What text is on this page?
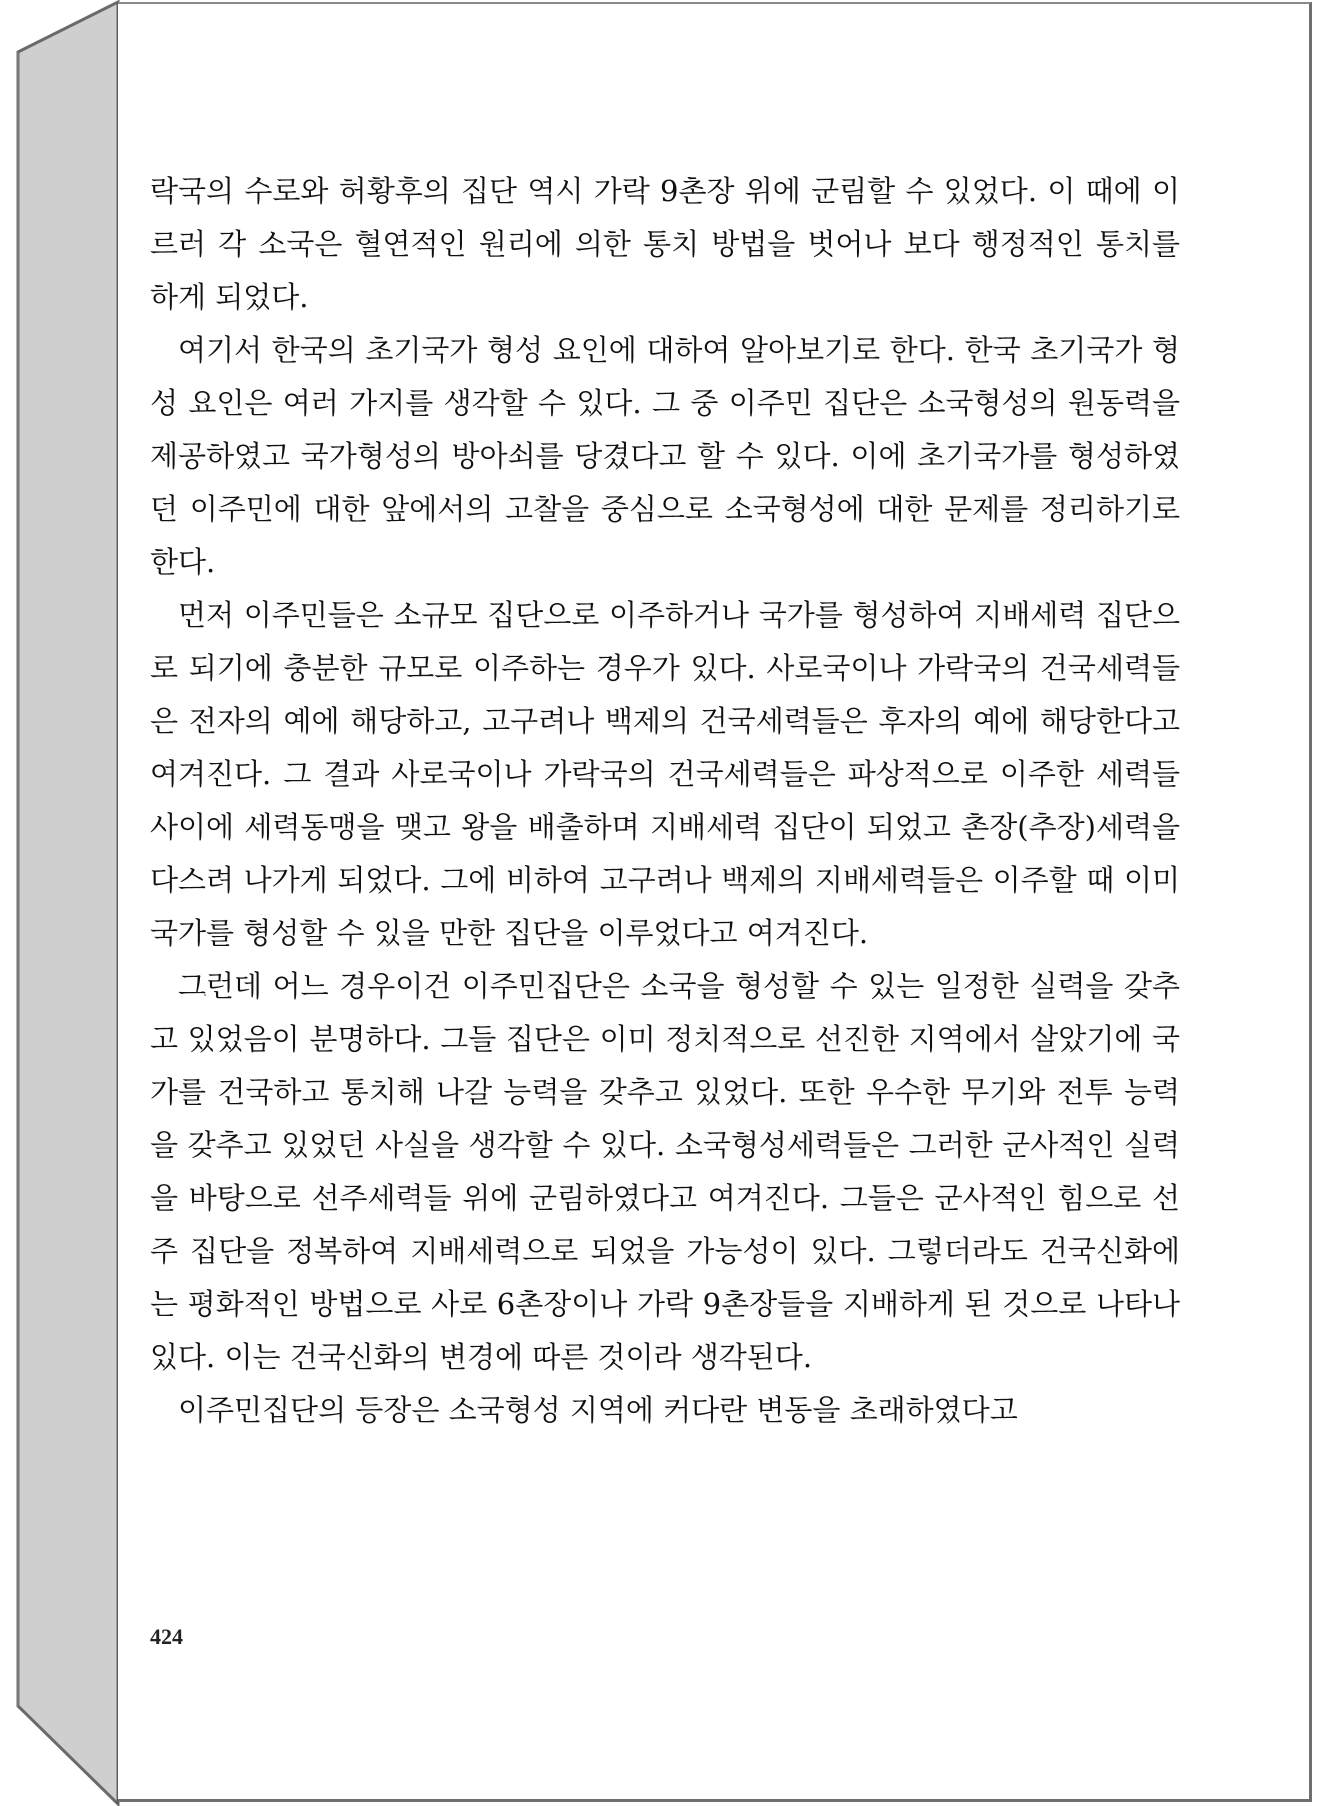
락국의 수로와 허황후의 집단 역시 가락 9촌장 위에 군림할 수 있었다. 이 때에 이르러 각 소국은 혈연적인 원리에 의한 통치 방법을 벗어나 보다 행정적인 통치를 하게 되었다.

여기서 한국의 초기국가 형성 요인에 대하여 알아보기로 한다. 한국 초기국가 형성 요인은 여러 가지를 생각할 수 있다. 그 중 이주민 집단은 소국형성의 원동력을 제공하였고 국가형성의 방아쇠를 당겼다고 할 수 있다. 이에 초기국가를 형성하였던 이주민에 대한 앞에서의 고찰을 중심으로 소국형성에 대한 문제를 정리하기로 한다.

먼저 이주민들은 소규모 집단으로 이주하거나 국가를 형성하여 지배세력 집단으로 되기에 충분한 규모로 이주하는 경우가 있다. 사로국이나 가락국의 건국세력들은 전자의 예에 해당하고, 고구려나 백제의 건국세력들은 후자의 예에 해당한다고 여겨진다. 그 결과 사로국이나 가락국의 건국세력들은 파상적으로 이주한 세력들 사이에 세력동맹을 맺고 왕을 배출하며 지배세력 집단이 되었고 촌장(추장)세력을 다스려 나가게 되었다. 그에 비하여 고구려나 백제의 지배세력들은 이주할 때 이미 국가를 형성할 수 있을 만한 집단을 이루었다고 여겨진다.

그런데 어느 경우이건 이주민집단은 소국을 형성할 수 있는 일정한 실력을 갖추고 있었음이 분명하다. 그들 집단은 이미 정치적으로 선진한 지역에서 살았기에 국가를 건국하고 통치해 나갈 능력을 갖추고 있었다. 또한 우수한 무기와 전투 능력을 갖추고 있었던 사실을 생각할 수 있다. 소국형성세력들은 그러한 군사적인 실력을 바탕으로 선주세력들 위에 군림하였다고 여겨진다. 그들은 군사적인 힘으로 선주 집단을 정복하여 지배세력으로 되었을 가능성이 있다. 그렇더라도 건국신화에는 평화적인 방법으로 사로 6촌장이나 가락 9촌장들을 지배하게 된 것으로 나타나 있다. 이는 건국신화의 변경에 따른 것이라 생각된다.

이주민집단의 등장은 소국형성 지역에 커다란 변동을 초래하였다고

424
